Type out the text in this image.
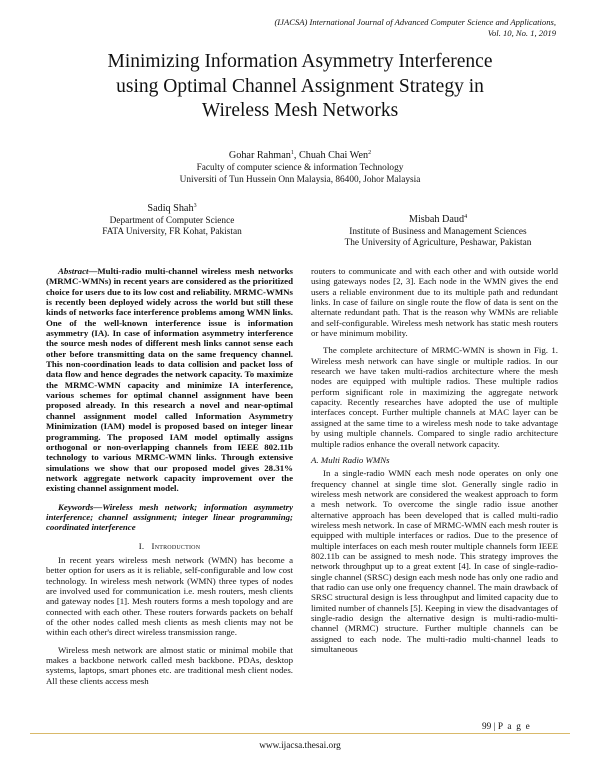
(IJACSA) International Journal of Advanced Computer Science and Applications,
Vol. 10, No. 1, 2019
Minimizing Information Asymmetry Interference
using Optimal Channel Assignment Strategy in
Wireless Mesh Networks
Gohar Rahman$^1$, Chuah Chai Wen$^2$
Faculty of computer science & information Technology
Universiti of Tun Hussein Onn Malaysia, 86400, Johor Malaysia
Sadiq Shah$^3$
Department of Computer Science
FATA University, FR Kohat, Pakistan
Misbah Daud$^4$
Institute of Business and Management Sciences
The University of Agriculture, Peshawar, Pakistan

Abstract—Multi-radio multi-channel wireless mesh networks (MRMC-WMNs) in recent years are considered as the prioritized choice for users due to its low cost and reliability. MRMC-WMNs is recently been deployed widely across the world but still these kinds of networks face interference problems among WMN links. One of the well-known interference issue is information asymmetry (IA). In case of information asymmetry interference the source mesh nodes of different mesh links cannot sense each other before transmitting data on the same frequency channel. This non-coordination leads to data collision and packet loss of data flow and hence degrades the network capacity. To maximize the MRMC-WMN capacity and minimize IA interference, various schemes for optimal channel assignment have been proposed already. In this research a novel and near-optimal channel assignment model called Information Asymmetry Minimization (IAM) model is proposed based on integer linear programming. The proposed IAM model optimally assigns orthogonal or non-overlapping channels from IEEE 802.11b technology to various MRMC-WMN links. Through extensive simulations we show that our proposed model gives 28.31% network aggregate network capacity improvement over the existing channel assignment model.

Keywords—Wireless mesh network; information asymmetry interference; channel assignment; integer linear programming; coordinated interference

I. Introduction

In recent years wireless mesh network (WMN) has become a better option for users as it is reliable, self-configurable and low cost technology. In wireless mesh network (WMN) three types of nodes are involved used for communication i.e. mesh routers, mesh clients and gateway nodes [1]. Mesh routers forms a mesh topology and are connected with each other. These routers forwards packets on behalf of the other nodes called mesh clients as mesh clients may not be within each other's direct wireless transmission range.

Wireless mesh network are almost static or minimal mobile that makes a backbone network called mesh backbone. PDAs, desktop systems, laptops, smart phones etc. are traditional mesh client nodes. All these clients access mesh

routers to communicate and with each other and with outside world using gateways nodes [2, 3]. Each node in the WMN gives the end users a reliable environment due to its multiple path and redundant links. In case of failure on single route the flow of data is sent on the alternate redundant path. That is the reason why WMNs are reliable and self-configurable. Wireless mesh network has static mesh routers or have minimum mobility.

The complete architecture of MRMC-WMN is shown in Fig. 1. Wireless mesh network can have single or multiple radios. In our research we have taken multi-radios architecture where the mesh nodes are equipped with multiple radios. These multiple radios perform significant role in maximizing the aggregate network capacity. Recently researches have adopted the use of multiple interfaces concept. Further multiple channels at MAC layer can be assigned at the same time to a wireless mesh node to take advantage by using multiple channels. Compared to single radio architecture multiple radios enhance the overall network capacity.

A. Multi Radio WMNs

In a single-radio WMN each mesh node operates on only one frequency channel at single time slot. Generally single radio in wireless mesh network are considered the weakest approach to form a mesh network. To overcome the single radio issue another alternative approach has been developed that is called multi-radio wireless mesh network. In case of MRMC-WMN each mesh router is equipped with multiple interfaces or radios. Due to the presence of multiple interfaces on each mesh router multiple channels form IEEE 802.11b can be assigned to mesh node. This strategy improves the network throughput up to a great extent [4]. In case of single-radio-single channel (SRSC) design each mesh node has only one radio and that radio can use only one frequency channel. The main drawback of SRSC structural design is less throughput and limited capacity due to limited number of channels [5]. Keeping in view the disadvantages of single-radio design the alternative design is multi-radio-multi-channel (MRMC) structure. Further multiple channels can be assigned to each node. The multi-radio multi-channel leads to simultaneous

99 | P a g e
www.ijacsa.thesai.org
